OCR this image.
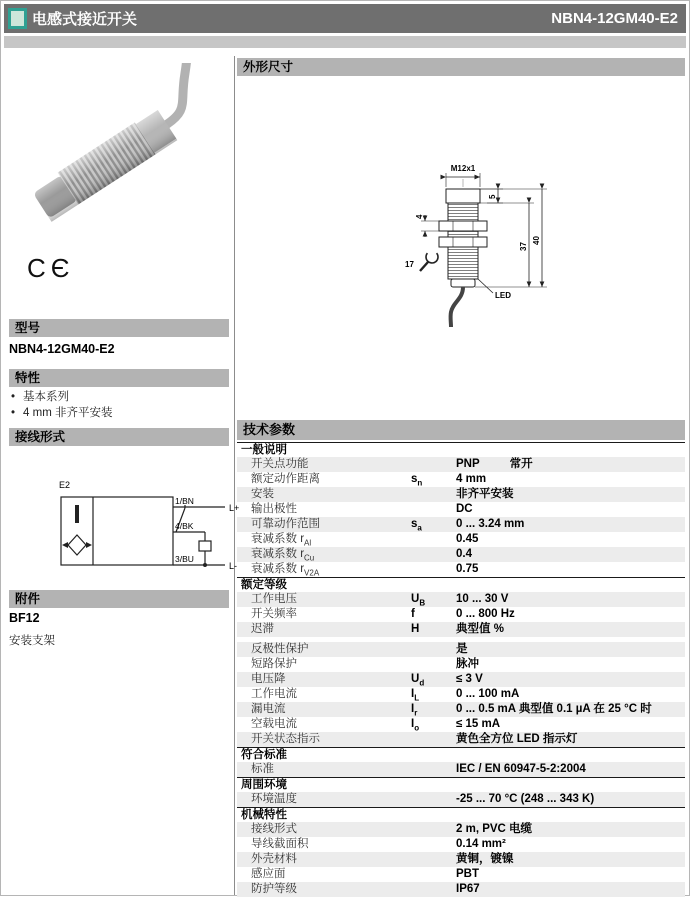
电感式接近开关	NBN4-12GM40-E2
CЄ
型号
NBN4-12GM40-E2
特性
• 基本系列
• 4 mm 非齐平安装
接线形式
E2
1/BN
4/BK
3/BU
L+
L-
附件
BF12
安装支架
外形尺寸
M12x1
5
4
37
40
17
LED
技术参数
一般说明
开关点功能	PNP	常开
额定动作距离	$s_n$	4 mm
安装	非齐平安装
输出极性	DC
可靠动作范围	$s_a$	0 ... 3.24 mm
衰减系数 $r_{Al}$	0.45
衰减系数 $r_{Cu}$	0.4
衰减系数 $r_{V2A}$	0.75
额定等级
工作电压	$U_B$	10 ... 30 V
开关频率	f	0 ... 800 Hz
迟滞	H	典型值 %
反极性保护	是
短路保护	脉冲
电压降	$U_d$	≤ 3 V
工作电流	$I_L$	0 ... 100 mA
漏电流	$I_r$	0 ... 0.5 mA 典型值 0.1 µA 在 25 °C 时
空载电流	$I_o$	≤ 15 mA
开关状态指示	黄色全方位 LED 指示灯
符合标准
标准	IEC / EN 60947-5-2:2004
周围环境
环境温度	-25 ... 70 °C (248 ... 343 K)
机械特性
接线形式	2 m, PVC 电缆
导线截面积	0.14 mm²
外壳材料	黄铜，镀镍
感应面	PBT
防护等级	IP67
